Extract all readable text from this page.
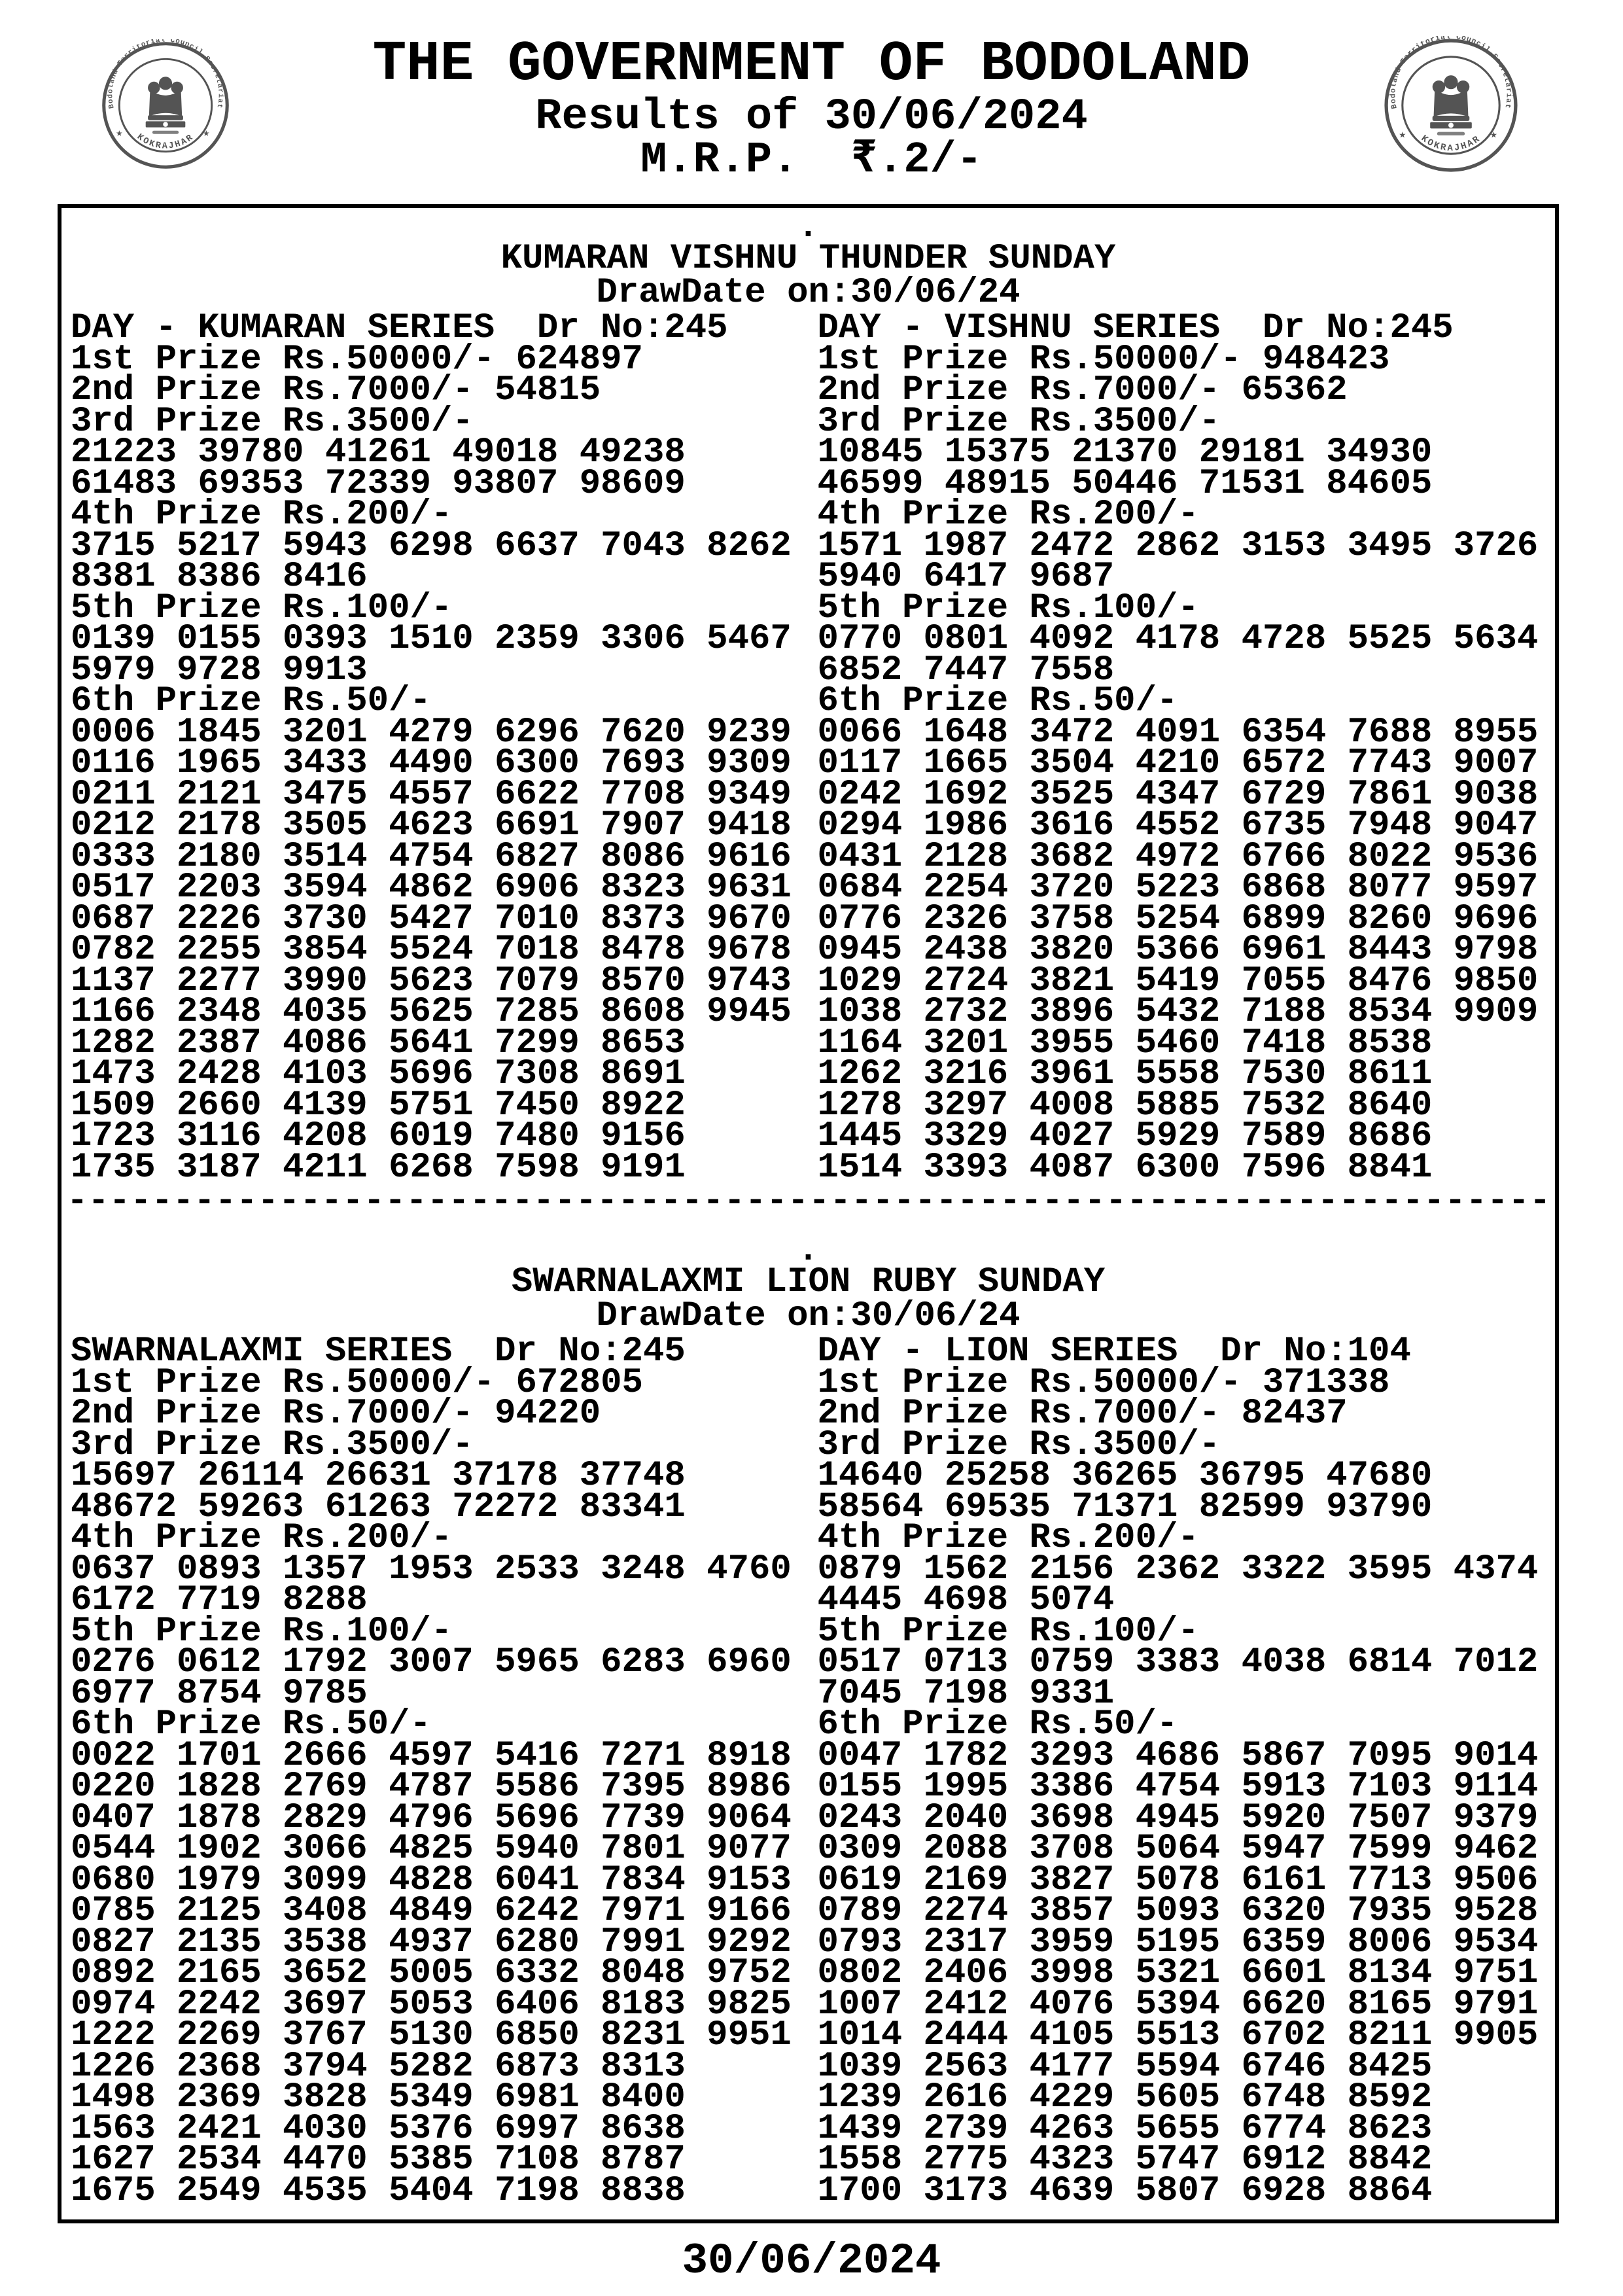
Bodoland Territorial Council Secretariat
KOKRAJHAR
★	★
Bodoland Territorial Council Secretariat
KOKRAJHAR
★	★
THE GOVERNMENT OF BODOLAND
Results of 30/06/2024
M.R.P.  ₹.2/-
.
KUMARAN VISHNU THUNDER SUNDAY
DrawDate on:30/06/24
DAY - KUMARAN SERIES  Dr No:245
1st Prize Rs.50000/- 624897
2nd Prize Rs.7000/- 54815
3rd Prize Rs.3500/-
21223 39780 41261 49018 49238
61483 69353 72339 93807 98609
4th Prize Rs.200/-
3715 5217 5943 6298 6637 7043 8262
8381 8386 8416
5th Prize Rs.100/-
0139 0155 0393 1510 2359 3306 5467
5979 9728 9913
6th Prize Rs.50/-
0006 1845 3201 4279 6296 7620 9239
0116 1965 3433 4490 6300 7693 9309
0211 2121 3475 4557 6622 7708 9349
0212 2178 3505 4623 6691 7907 9418
0333 2180 3514 4754 6827 8086 9616
0517 2203 3594 4862 6906 8323 9631
0687 2226 3730 5427 7010 8373 9670
0782 2255 3854 5524 7018 8478 9678
1137 2277 3990 5623 7079 8570 9743
1166 2348 4035 5625 7285 8608 9945
1282 2387 4086 5641 7299 8653
1473 2428 4103 5696 7308 8691
1509 2660 4139 5751 7450 8922
1723 3116 4208 6019 7480 9156
1735 3187 4211 6268 7598 9191
DAY - VISHNU SERIES  Dr No:245
1st Prize Rs.50000/- 948423
2nd Prize Rs.7000/- 65362
3rd Prize Rs.3500/-
10845 15375 21370 29181 34930
46599 48915 50446 71531 84605
4th Prize Rs.200/-
1571 1987 2472 2862 3153 3495 3726
5940 6417 9687
5th Prize Rs.100/-
0770 0801 4092 4178 4728 5525 5634
6852 7447 7558
6th Prize Rs.50/-
0066 1648 3472 4091 6354 7688 8955
0117 1665 3504 4210 6572 7743 9007
0242 1692 3525 4347 6729 7861 9038
0294 1986 3616 4552 6735 7948 9047
0431 2128 3682 4972 6766 8022 9536
0684 2254 3720 5223 6868 8077 9597
0776 2326 3758 5254 6899 8260 9696
0945 2438 3820 5366 6961 8443 9798
1029 2724 3821 5419 7055 8476 9850
1038 2732 3896 5432 7188 8534 9909
1164 3201 3955 5460 7418 8538
1262 3216 3961 5558 7530 8611
1278 3297 4008 5885 7532 8640
1445 3329 4027 5929 7589 8686
1514 3393 4087 6300 7596 8841
----------------------------------------------------------------------
.
SWARNALAXMI LION RUBY SUNDAY
DrawDate on:30/06/24
SWARNALAXMI SERIES  Dr No:245
1st Prize Rs.50000/- 672805
2nd Prize Rs.7000/- 94220
3rd Prize Rs.3500/-
15697 26114 26631 37178 37748
48672 59263 61263 72272 83341
4th Prize Rs.200/-
0637 0893 1357 1953 2533 3248 4760
6172 7719 8288
5th Prize Rs.100/-
0276 0612 1792 3007 5965 6283 6960
6977 8754 9785
6th Prize Rs.50/-
0022 1701 2666 4597 5416 7271 8918
0220 1828 2769 4787 5586 7395 8986
0407 1878 2829 4796 5696 7739 9064
0544 1902 3066 4825 5940 7801 9077
0680 1979 3099 4828 6041 7834 9153
0785 2125 3408 4849 6242 7971 9166
0827 2135 3538 4937 6280 7991 9292
0892 2165 3652 5005 6332 8048 9752
0974 2242 3697 5053 6406 8183 9825
1222 2269 3767 5130 6850 8231 9951
1226 2368 3794 5282 6873 8313
1498 2369 3828 5349 6981 8400
1563 2421 4030 5376 6997 8638
1627 2534 4470 5385 7108 8787
1675 2549 4535 5404 7198 8838
DAY - LION SERIES  Dr No:104
1st Prize Rs.50000/- 371338
2nd Prize Rs.7000/- 82437
3rd Prize Rs.3500/-
14640 25258 36265 36795 47680
58564 69535 71371 82599 93790
4th Prize Rs.200/-
0879 1562 2156 2362 3322 3595 4374
4445 4698 5074
5th Prize Rs.100/-
0517 0713 0759 3383 4038 6814 7012
7045 7198 9331
6th Prize Rs.50/-
0047 1782 3293 4686 5867 7095 9014
0155 1995 3386 4754 5913 7103 9114
0243 2040 3698 4945 5920 7507 9379
0309 2088 3708 5064 5947 7599 9462
0619 2169 3827 5078 6161 7713 9506
0789 2274 3857 5093 6320 7935 9528
0793 2317 3959 5195 6359 8006 9534
0802 2406 3998 5321 6601 8134 9751
1007 2412 4076 5394 6620 8165 9791
1014 2444 4105 5513 6702 8211 9905
1039 2563 4177 5594 6746 8425
1239 2616 4229 5605 6748 8592
1439 2739 4263 5655 6774 8623
1558 2775 4323 5747 6912 8842
1700 3173 4639 5807 6928 8864
30/06/2024
